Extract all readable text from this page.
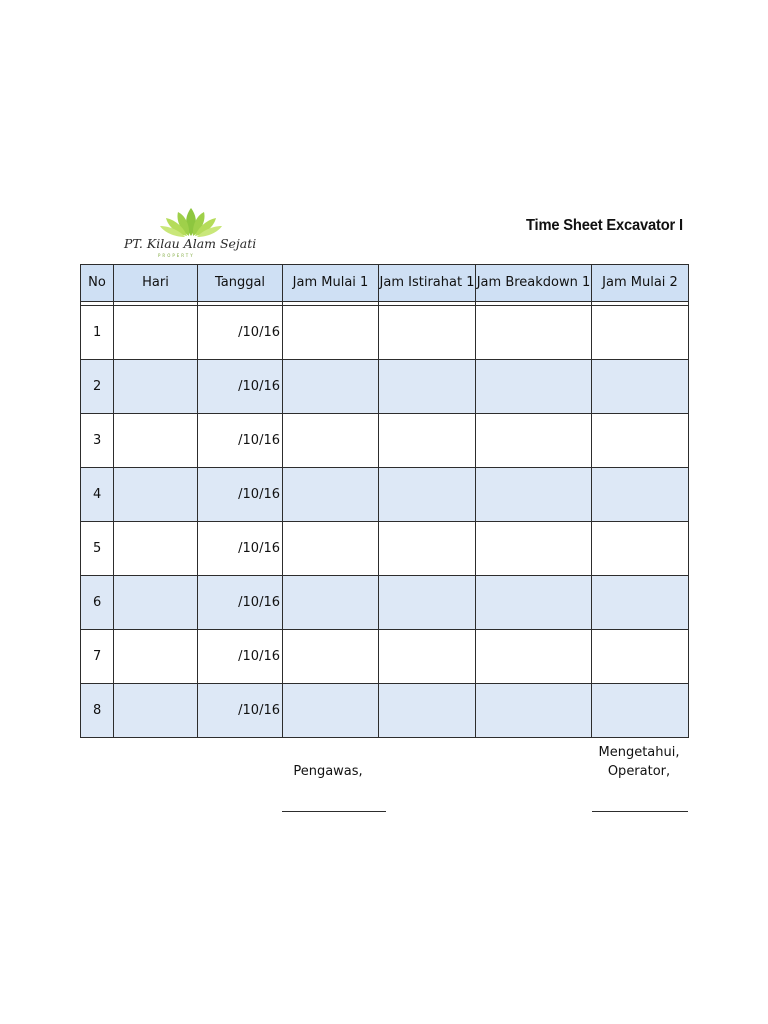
PT. Kilau Alam Sejati
PROPERTY
Time Sheet Excavator I
No	Hari	Tanggal	Jam Mulai 1	Jam Istirahat 1	Jam Breakdown 1	Jam Mulai 2

1		/10/16				
2		/10/16				
3		/10/16				
4		/10/16				
5		/10/16				
6		/10/16				
7		/10/16				
8		/10/16				

Pengawas,
Mengetahui,
Operator,
